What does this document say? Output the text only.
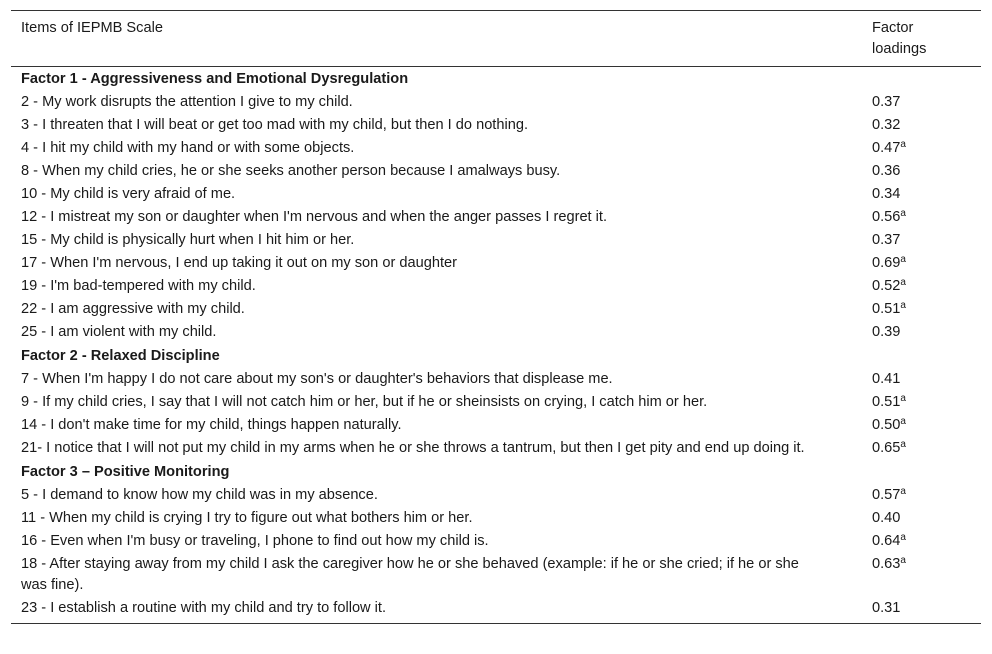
Items of IEPMB Scale	Factor loadings
Factor 1 - Aggressiveness and Emotional Dysregulation	
2 - My work disrupts the attention I give to my child.	0.37
3 - I threaten that I will beat or get too mad with my child, but then I do nothing.	0.32
4 - I hit my child with my hand or with some objects.	0.47$^a$
8 - When my child cries, he or she seeks another person because I amalways busy.	0.36
10 - My child is very afraid of me.	0.34
12 - I mistreat my son or daughter when I'm nervous and when the anger passes I regret it.	0.56$^a$
15 - My child is physically hurt when I hit him or her.	0.37
17 - When I'm nervous, I end up taking it out on my son or daughter	0.69$^a$
19 - I'm bad-tempered with my child.	0.52$^a$
22 - I am aggressive with my child.	0.51$^a$
25 - I am violent with my child.	0.39
Factor 2 - Relaxed Discipline	
7 - When I'm happy I do not care about my son's or daughter's behaviors that displease me.	0.41
9 - If my child cries, I say that I will not catch him or her, but if he or sheinsists on crying, I catch him or her.	0.51$^a$
14 - I don't make time for my child, things happen naturally.	0.50$^a$
21- I notice that I will not put my child in my arms when he or she throws a tantrum, but then I get pity and end up doing it.	0.65$^a$
Factor 3 – Positive Monitoring	
5 - I demand to know how my child was in my absence.	0.57$^a$
11 - When my child is crying I try to figure out what bothers him or her.	0.40
16 - Even when I'm busy or traveling, I phone to find out how my child is.	0.64$^a$
18 - After staying away from my child I ask the caregiver how he or she behaved (example: if he or she cried; if he or she was fine).	0.63$^a$
23 - I establish a routine with my child and try to follow it.	0.31
